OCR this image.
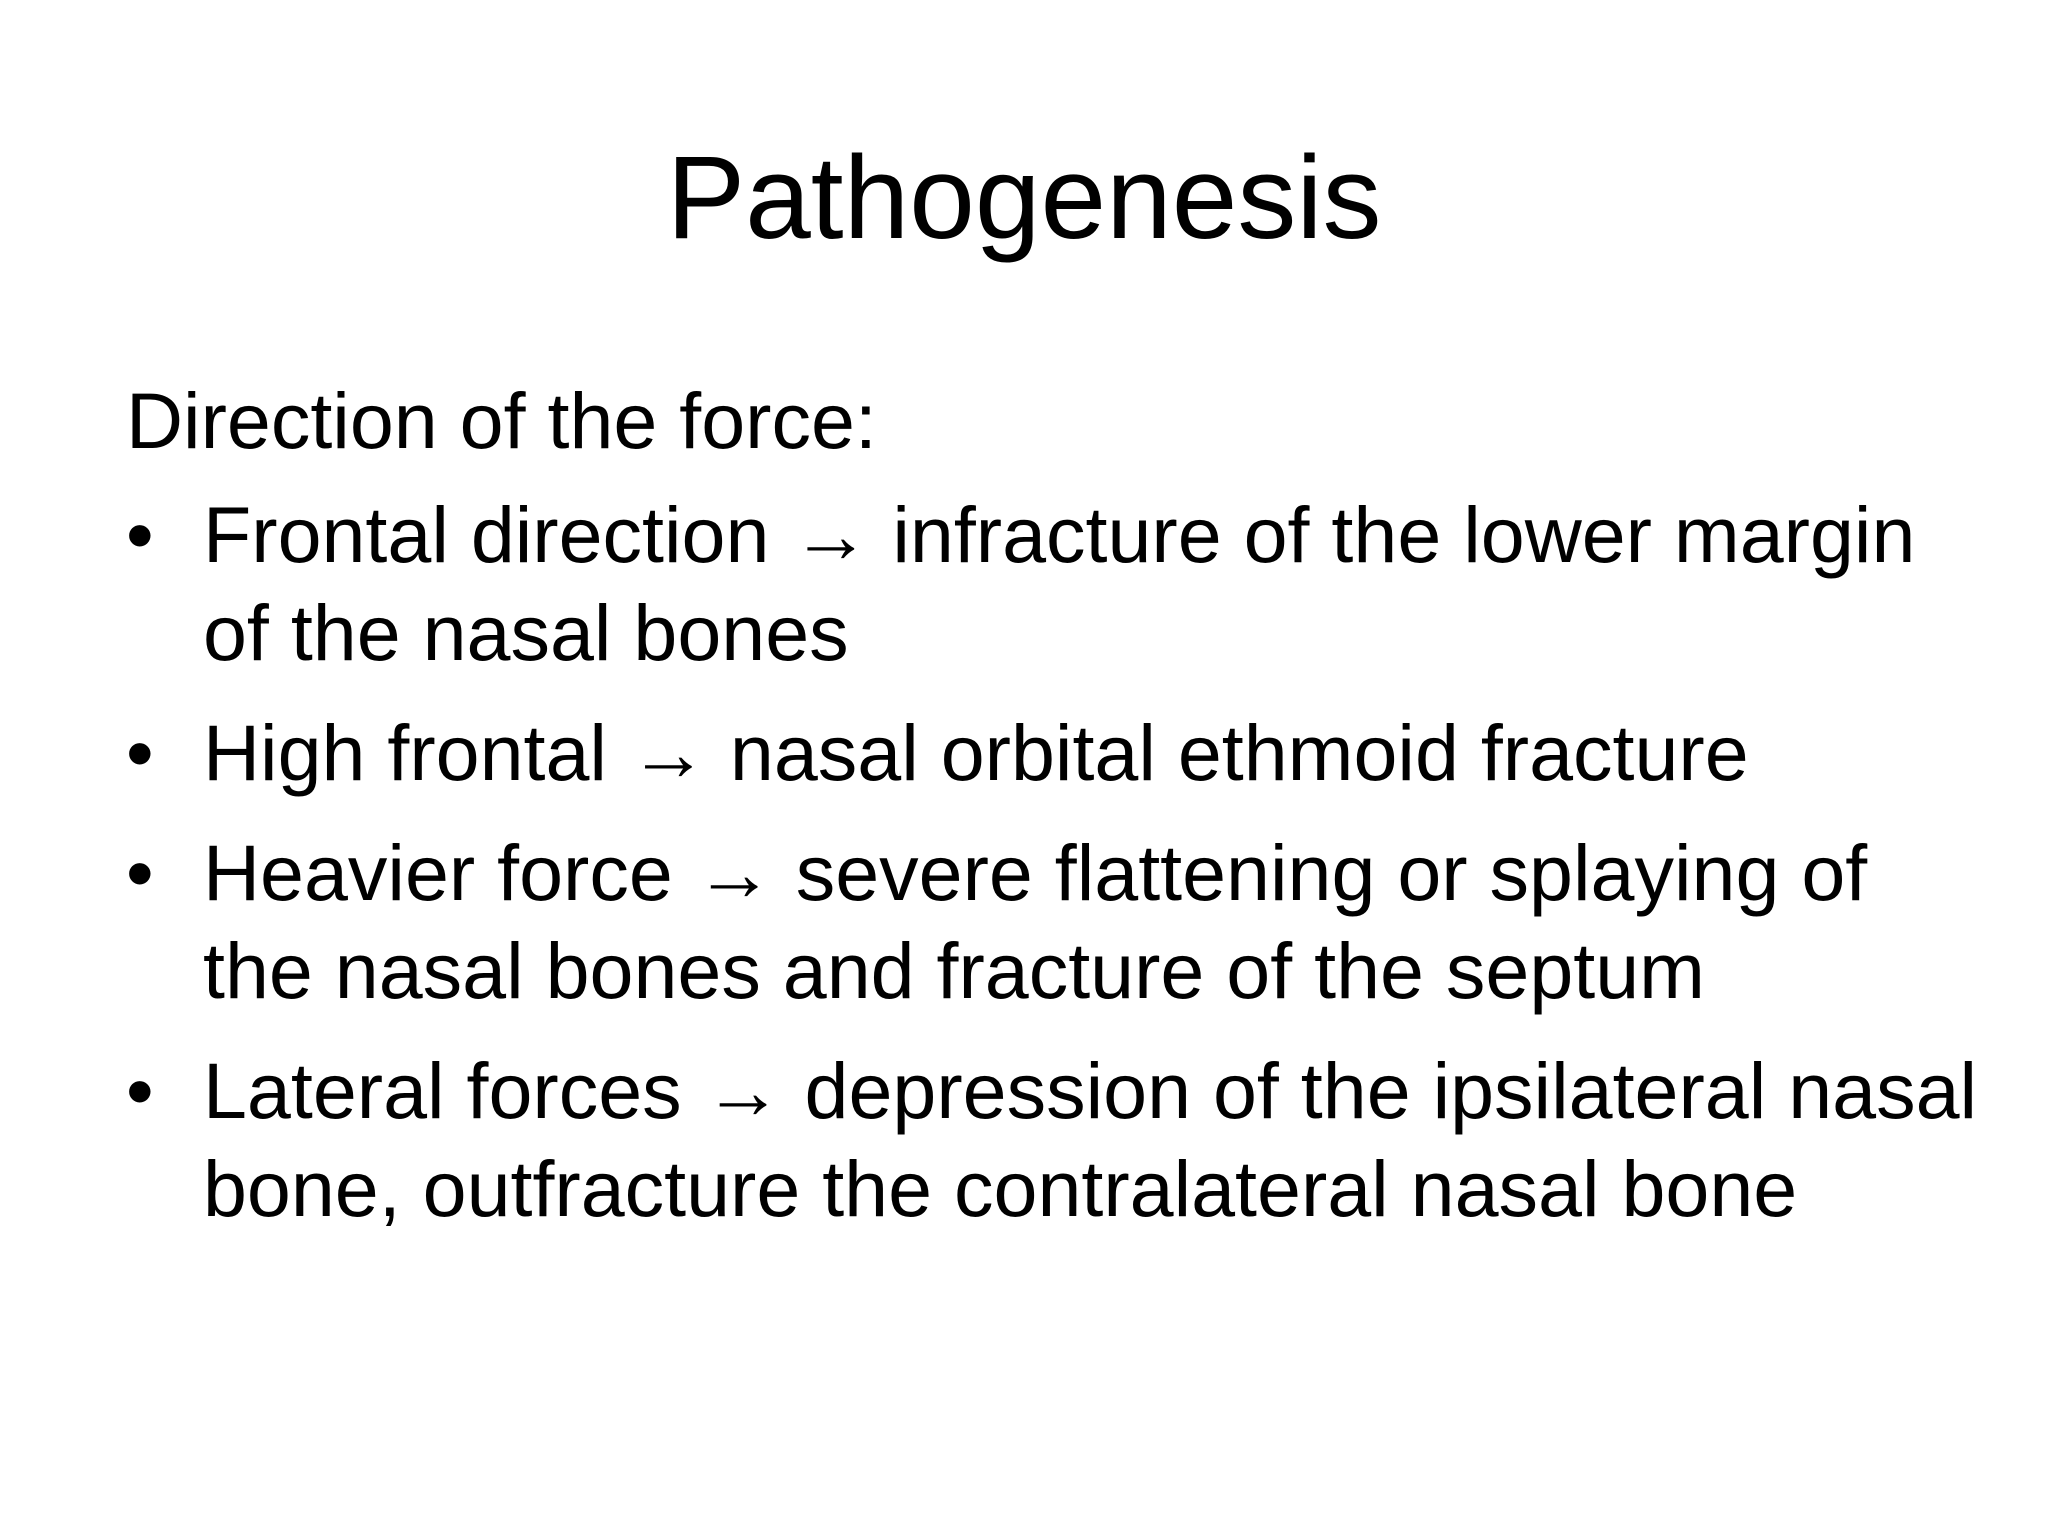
Pathogenesis

Direction of the force:

• Frontal direction → infracture of the lower margin of the nasal bones
• High frontal → nasal orbital ethmoid fracture
• Heavier force → severe flattening or splaying of the nasal bones and fracture of the septum
• Lateral forces → depression of the ipsilateral nasal bone, outfracture the contralateral nasal bone
